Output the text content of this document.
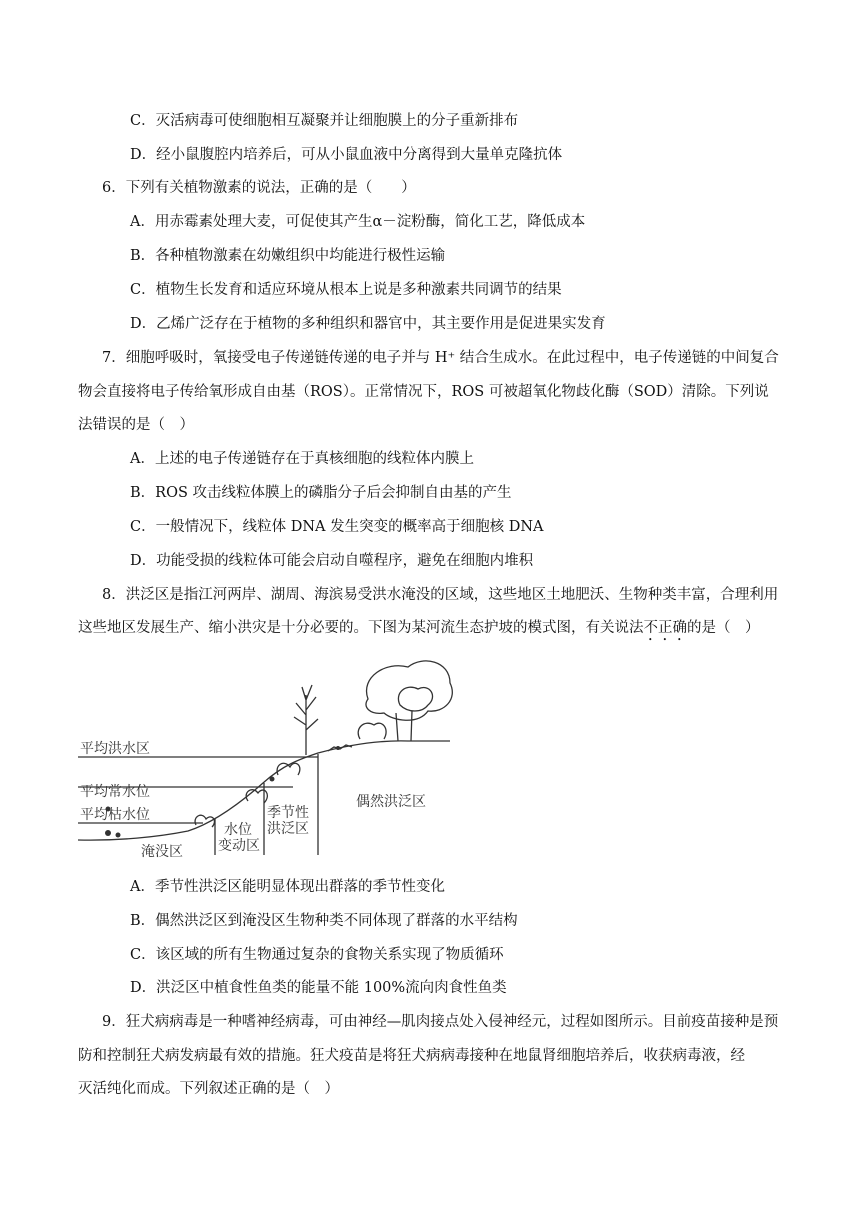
C．灭活病毒可使细胞相互凝聚并让细胞膜上的分子重新排布
D．经小鼠腹腔内培养后，可从小鼠血液中分离得到大量单克隆抗体
6．下列有关植物激素的说法，正确的是（　　）
A．用赤霉素处理大麦，可促使其产生α－淀粉酶，简化工艺，降低成本
B．各种植物激素在幼嫩组织中均能进行极性运输
C．植物生长发育和适应环境从根本上说是多种激素共同调节的结果
D．乙烯广泛存在于植物的多种组织和器官中，其主要作用是促进果实发育
7．细胞呼吸时，氧接受电子传递链传递的电子并与 H⁺ 结合生成水。在此过程中，电子传递链的中间复合
物会直接将电子传给氧形成自由基（ROS）。正常情况下，ROS 可被超氧化物歧化酶（SOD）清除。下列说
法错误的是（　）
A．上述的电子传递链存在于真核细胞的线粒体内膜上
B．ROS 攻击线粒体膜上的磷脂分子后会抑制自由基的产生
C．一般情况下，线粒体 DNA 发生突变的概率高于细胞核 DNA
D．功能受损的线粒体可能会启动自噬程序，避免在细胞内堆积
8．洪泛区是指江河两岸、湖周、海滨易受洪水淹没的区域，这些地区土地肥沃、生物种类丰富，合理利用
这些地区发展生产、缩小洪灾是十分必要的。下图为某河流生态护坡的模式图，有关说法不正确的是（　）
平均洪水区
平均常水位
平均枯水位
淹没区
水位
变动区
季节性
洪泛区
偶然洪泛区
A．季节性洪泛区能明显体现出群落的季节性变化
B．偶然洪泛区到淹没区生物种类不同体现了群落的水平结构
C．该区域的所有生物通过复杂的食物关系实现了物质循环
D．洪泛区中植食性鱼类的能量不能 100%流向肉食性鱼类
9．狂犬病病毒是一种嗜神经病毒，可由神经—肌肉接点处入侵神经元，过程如图所示。目前疫苗接种是预
防和控制狂犬病发病最有效的措施。狂犬疫苗是将狂犬病病毒接种在地鼠肾细胞培养后，收获病毒液，经
灭活纯化而成。下列叙述正确的是（　）
